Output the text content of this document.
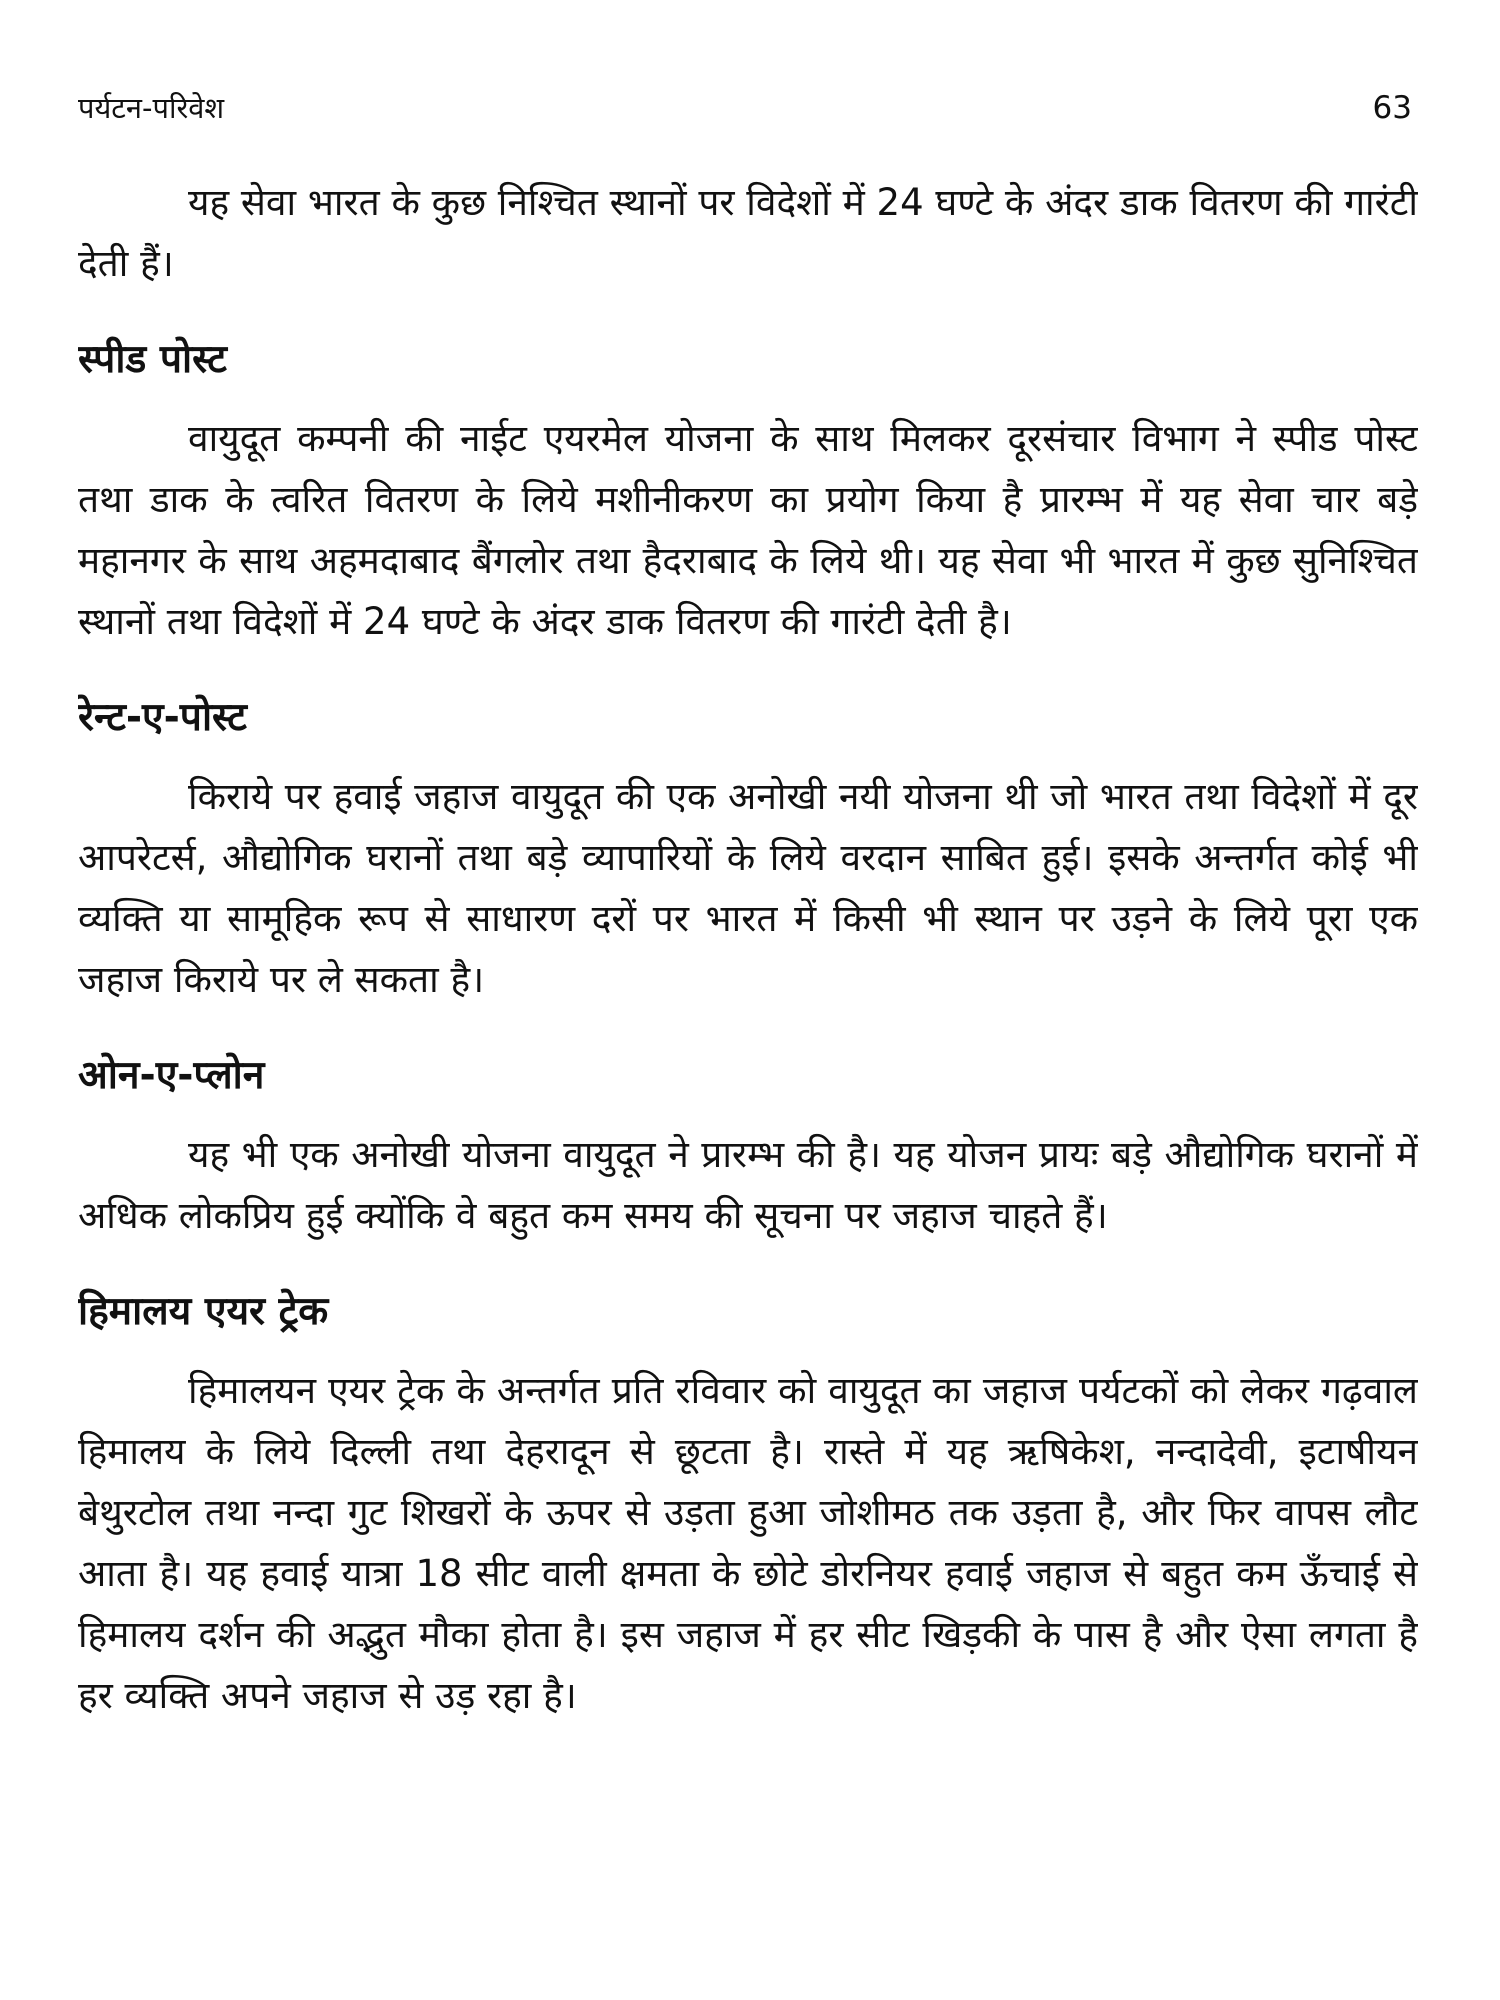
पर्यटन-परिवेश	63

यह सेवा भारत के कुछ निश्चित स्थानों पर विदेशों में 24 घण्टे के अंदर डाक वितरण की गारंटी देती हैं।

स्पीड पोस्ट

वायुदूत कम्पनी की नाईट एयरमेल योजना के साथ मिलकर दूरसंचार विभाग ने स्पीड पोस्ट तथा डाक के त्वरित वितरण के लिये मशीनीकरण का प्रयोग किया है प्रारम्भ में यह सेवा चार बड़े महानगर के साथ अहमदाबाद बैंगलोर तथा हैदराबाद के लिये थी। यह सेवा भी भारत में कुछ सुनिश्चित स्थानों तथा विदेशों में 24 घण्टे के अंदर डाक वितरण की गारंटी देती है।

रेन्ट-ए-पोस्ट

किराये पर हवाई जहाज वायुदूत की एक अनोखी नयी योजना थी जो भारत तथा विदेशों में दूर आपरेटर्स, औद्योगिक घरानों तथा बड़े व्यापारियों के लिये वरदान साबित हुई। इसके अन्तर्गत कोई भी व्यक्ति या सामूहिक रूप से साधारण दरों पर भारत में किसी भी स्थान पर उड़ने के लिये पूरा एक जहाज किराये पर ले सकता है।

ओन-ए-प्लोन

यह भी एक अनोखी योजना वायुदूत ने प्रारम्भ की है। यह योजन प्रायः बड़े औद्योगिक घरानों में अधिक लोकप्रिय हुई क्योंकि वे बहुत कम समय की सूचना पर जहाज चाहते हैं।

हिमालय एयर ट्रेक

हिमालयन एयर ट्रेक के अन्तर्गत प्रति रविवार को वायुदूत का जहाज पर्यटकों को लेकर गढ़वाल हिमालय के लिये दिल्ली तथा देहरादून से छूटता है। रास्ते में यह ऋषिकेश, नन्दादेवी, इटाषीयन बेथुरटोल तथा नन्दा गुट शिखरों के ऊपर से उड़ता हुआ जोशीमठ तक उड़ता है, और फिर वापस लौट आता है। यह हवाई यात्रा 18 सीट वाली क्षमता के छोटे डोरनियर हवाई जहाज से बहुत कम ऊँचाई से हिमालय दर्शन की अद्भुत मौका होता है। इस जहाज में हर सीट खिड़की के पास है और ऐसा लगता है हर व्यक्ति अपने जहाज से उड़ रहा है।
